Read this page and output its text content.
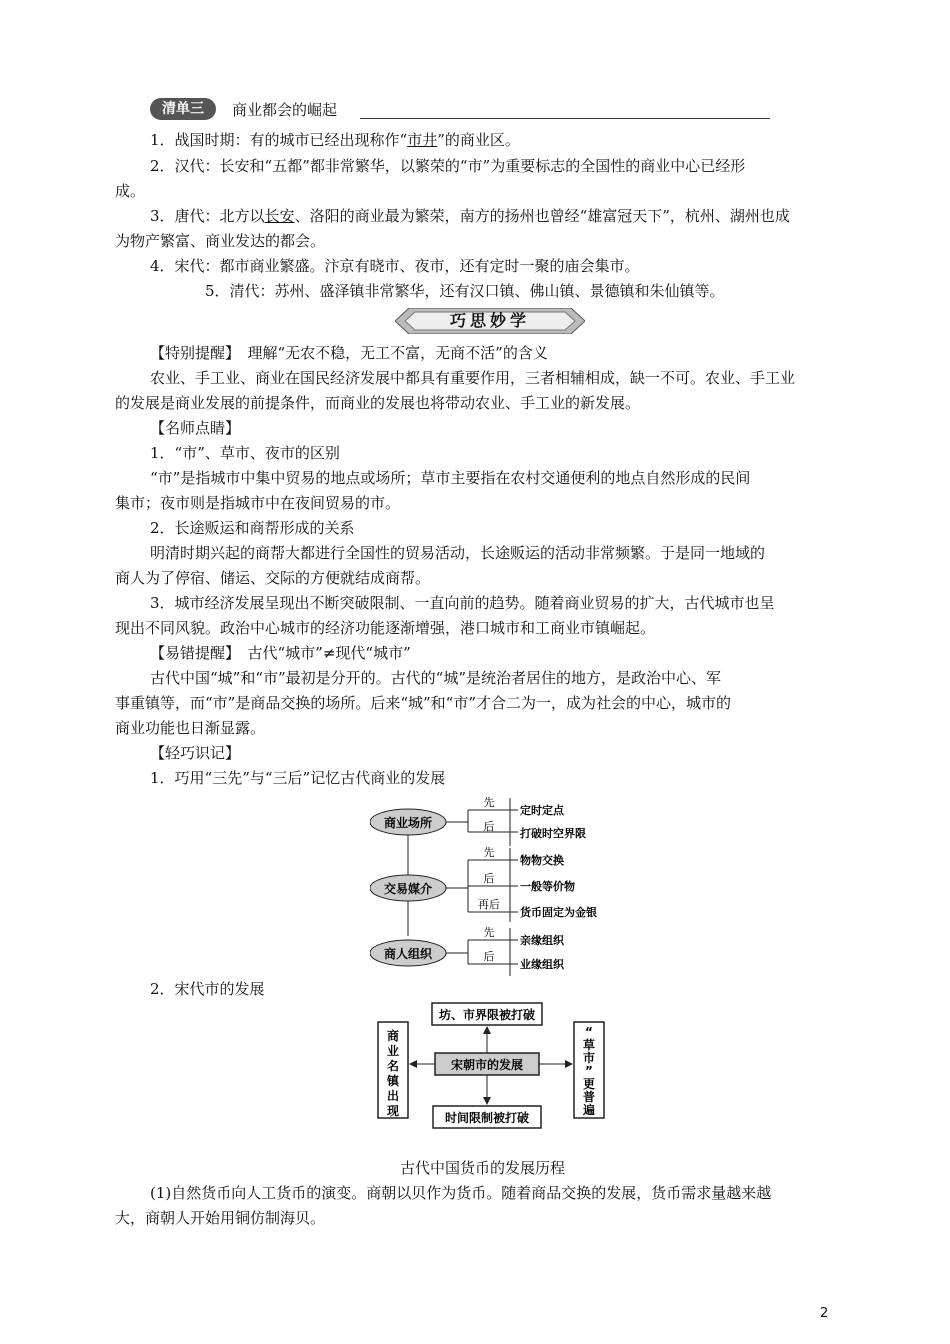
清单三	商业都会的崛起
1．战国时期：有的城市已经出现称作“市井”的商业区。
2．汉代：长安和“五都”都非常繁华，以繁荣的“市”为重要标志的全国性的商业中心已经形
成。
3．唐代：北方以长安、洛阳的商业最为繁荣，南方的扬州也曾经“雄富冠天下”，杭州、湖州也成
为物产繁富、商业发达的都会。
4．宋代：都市商业繁盛。汴京有晓市、夜市，还有定时一聚的庙会集市。
5．清代：苏州、盛泽镇非常繁华，还有汉口镇、佛山镇、景德镇和朱仙镇等。
巧思妙学
【特别提醒】　理解“无农不稳，无工不富，无商不活”的含义
农业、手工业、商业在国民经济发展中都具有重要作用，三者相辅相成，缺一不可。农业、手工业
的发展是商业发展的前提条件，而商业的发展也将带动农业、手工业的新发展。
【名师点睛】
1．“市”、草市、夜市的区别
“市”是指城市中集中贸易的地点或场所；草市主要指在农村交通便利的地点自然形成的民间
集市；夜市则是指城市中在夜间贸易的市。
2．长途贩运和商帮形成的关系
明清时期兴起的商帮大都进行全国性的贸易活动，长途贩运的活动非常频繁。于是同一地域的
商人为了停宿、储运、交际的方便就结成商帮。
3．城市经济发展呈现出不断突破限制、一直向前的趋势。随着商业贸易的扩大，古代城市也呈
现出不同风貌。政治中心城市的经济功能逐渐增强，港口城市和工商业市镇崛起。
【易错提醒】　古代“城市”≠现代“城市”
古代中国“城”和“市”最初是分开的。古代的“城”是统治者居住的地方，是政治中心、军
事重镇等，而“市”是商品交换的场所。后来“城”和“市”才合二为一，成为社会的中心，城市的
商业功能也日渐显露。
【轻巧识记】
1．巧用“三先”与“三后”记忆古代商业的发展
商业场所
交易媒介
商人组织
先
后
先
后
再后
先
后
定时定点
打破时空界限
物物交换
一般等价物
货币固定为金银
亲缘组织
业缘组织
2．宋代市的发展
坊、市界限被打破
时间限制被打破
宋朝市的发展
商业名镇出现
“草市”更普遍
古代中国货币的发展历程
(1)自然货币向人工货币的演变。商朝以贝作为货币。随着商品交换的发展，货币需求量越来越
大，商朝人开始用铜仿制海贝。
2
